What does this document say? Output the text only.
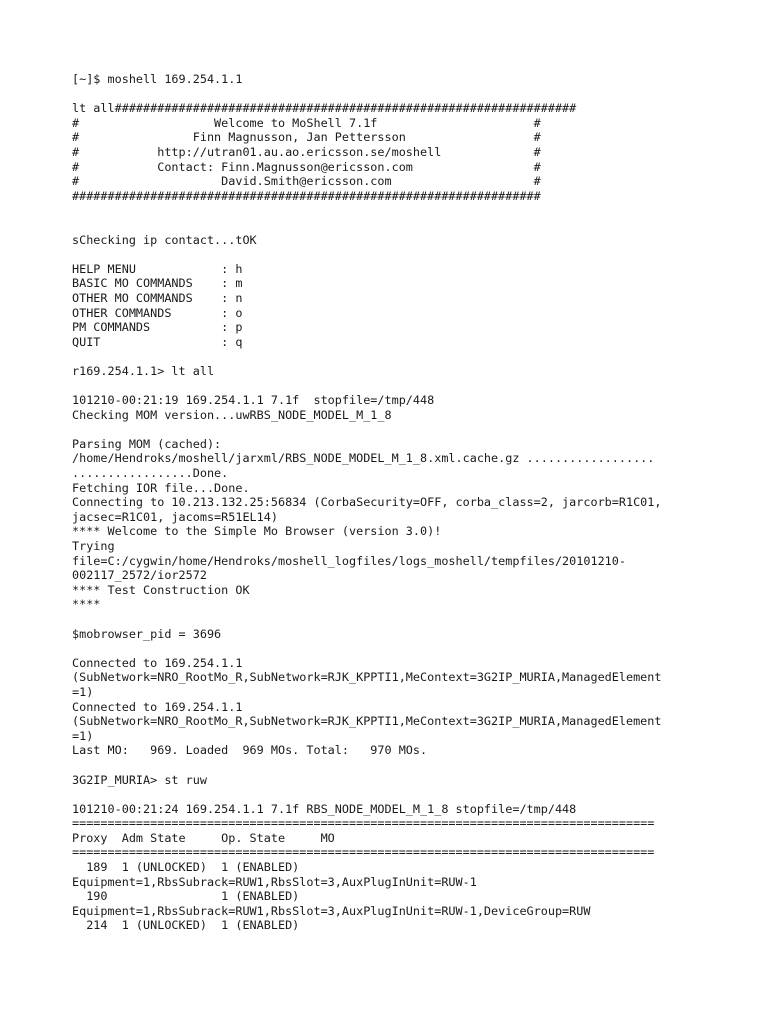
[~]$ moshell 169.254.1.1
lt all#################################################################
#                   Welcome to MoShell 7.1f                      #
#                Finn Magnusson, Jan Pettersson                  #
#           http://utran01.au.ao.ericsson.se/moshell             #
#           Contact: Finn.Magnusson@ericsson.com                 #
#                    David.Smith@ericsson.com                    #
##################################################################
sChecking ip contact...tOK
HELP MENU            : h
BASIC MO COMMANDS    : m
OTHER MO COMMANDS    : n
OTHER COMMANDS       : o
PM COMMANDS          : p
QUIT                 : q
r169.254.1.1> lt all
101210-00:21:19 169.254.1.1 7.1f  stopfile=/tmp/448
Checking MOM version...uwRBS_NODE_MODEL_M_1_8
Parsing MOM (cached):
/home/Hendroks/moshell/jarxml/RBS_NODE_MODEL_M_1_8.xml.cache.gz ..................
.................Done.
Fetching IOR file...Done.
Connecting to 10.213.132.25:56834 (CorbaSecurity=OFF, corba_class=2, jarcorb=R1C01,
jacsec=R1C01, jacoms=R51EL14)
**** Welcome to the Simple Mo Browser (version 3.0)!
Trying
file=C:/cygwin/home/Hendroks/moshell_logfiles/logs_moshell/tempfiles/20101210-
002117_2572/ior2572
**** Test Construction OK
****
$mobrowser_pid = 3696
Connected to 169.254.1.1
(SubNetwork=NRO_RootMo_R,SubNetwork=RJK_KPPTI1,MeContext=3G2IP_MURIA,ManagedElement
=1)
Connected to 169.254.1.1
(SubNetwork=NRO_RootMo_R,SubNetwork=RJK_KPPTI1,MeContext=3G2IP_MURIA,ManagedElement
=1)
Last MO:   969. Loaded  969 MOs. Total:   970 MOs.
3G2IP_MURIA> st ruw
101210-00:21:24 169.254.1.1 7.1f RBS_NODE_MODEL_M_1_8 stopfile=/tmp/448
==================================================================================
Proxy  Adm State     Op. State     MO
==================================================================================
189  1 (UNLOCKED)  1 (ENABLED)
Equipment=1,RbsSubrack=RUW1,RbsSlot=3,AuxPlugInUnit=RUW-1
190                1 (ENABLED)
Equipment=1,RbsSubrack=RUW1,RbsSlot=3,AuxPlugInUnit=RUW-1,DeviceGroup=RUW
214  1 (UNLOCKED)  1 (ENABLED)
